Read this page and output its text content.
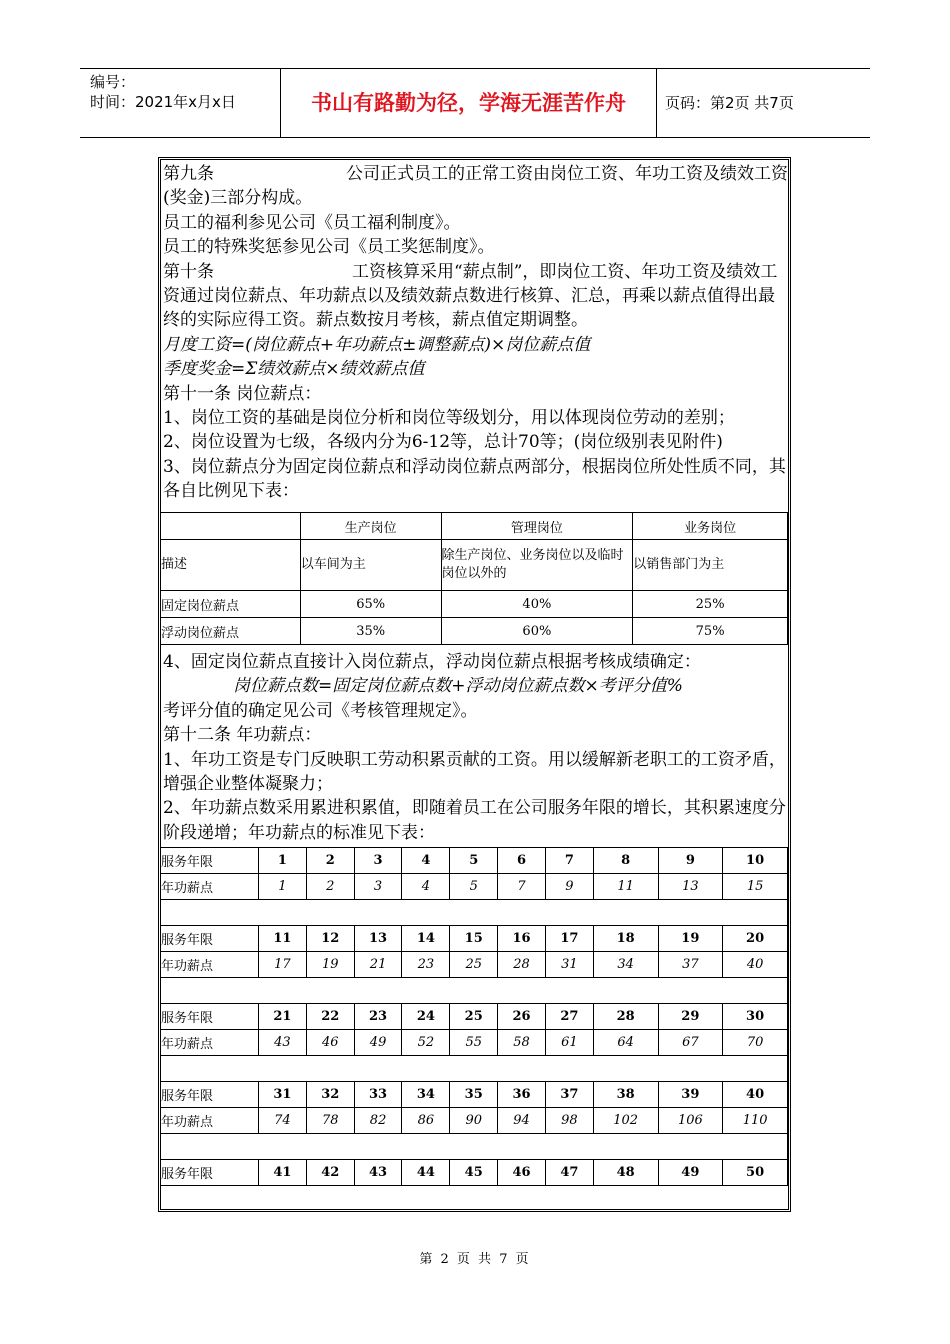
编号：
时间：2021年x月x日	书山有路勤为径，学海无涯苦作舟	页码：第2页 共7页

第九条	公司正式员工的正常工资由岗位工资、年功工资及绩效工资(奖金)三部分构成。

员工的福利参见公司《员工福利制度》。

员工的特殊奖惩参见公司《员工奖惩制度》。

第十条	工资核算采用“薪点制”，即岗位工资、年功工资及绩效工资通过岗位薪点、年功薪点以及绩效薪点数进行核算、汇总，再乘以薪点值得出最终的实际应得工资。薪点数按月考核，薪点值定期调整。

月度工资=(岗位薪点+年功薪点±调整薪点)×岗位薪点值

季度奖金=Σ绩效薪点×绩效薪点值

第十一条 岗位薪点：

1、岗位工资的基础是岗位分析和岗位等级划分，用以体现岗位劳动的差别；

2、岗位设置为七级，各级内分为6-12等，总计70等；(岗位级别表见附件)

3、岗位薪点分为固定岗位薪点和浮动岗位薪点两部分，根据岗位所处性质不同，其各自比例见下表：

	生产岗位	管理岗位	业务岗位
描述	以车间为主	除生产岗位、业务岗位以及临时岗位以外的	以销售部门为主
固定岗位薪点	65%	40%	25%
浮动岗位薪点	35%	60%	75%

4、固定岗位薪点直接计入岗位薪点，浮动岗位薪点根据考核成绩确定：

岗位薪点数=固定岗位薪点数+浮动岗位薪点数×考评分值%

考评分值的确定见公司《考核管理规定》。

第十二条 年功薪点：

1、年功工资是专门反映职工劳动积累贡献的工资。用以缓解新老职工的工资矛盾，增强企业整体凝聚力；

2、年功薪点数采用累进积累值，即随着员工在公司服务年限的增长，其积累速度分阶段递增；年功薪点的标准见下表：

服务年限	1	2	3	4	5	6	7	8	9	10
年功薪点	1	2	3	4	5	7	9	11	13	15

服务年限	11	12	13	14	15	16	17	18	19	20
年功薪点	17	19	21	23	25	28	31	34	37	40

服务年限	21	22	23	24	25	26	27	28	29	30
年功薪点	43	46	49	52	55	58	61	64	67	70

服务年限	31	32	33	34	35	36	37	38	39	40
年功薪点	74	78	82	86	90	94	98	102	106	110

服务年限	41	42	43	44	45	46	47	48	49	50
第 2 页 共 7 页
